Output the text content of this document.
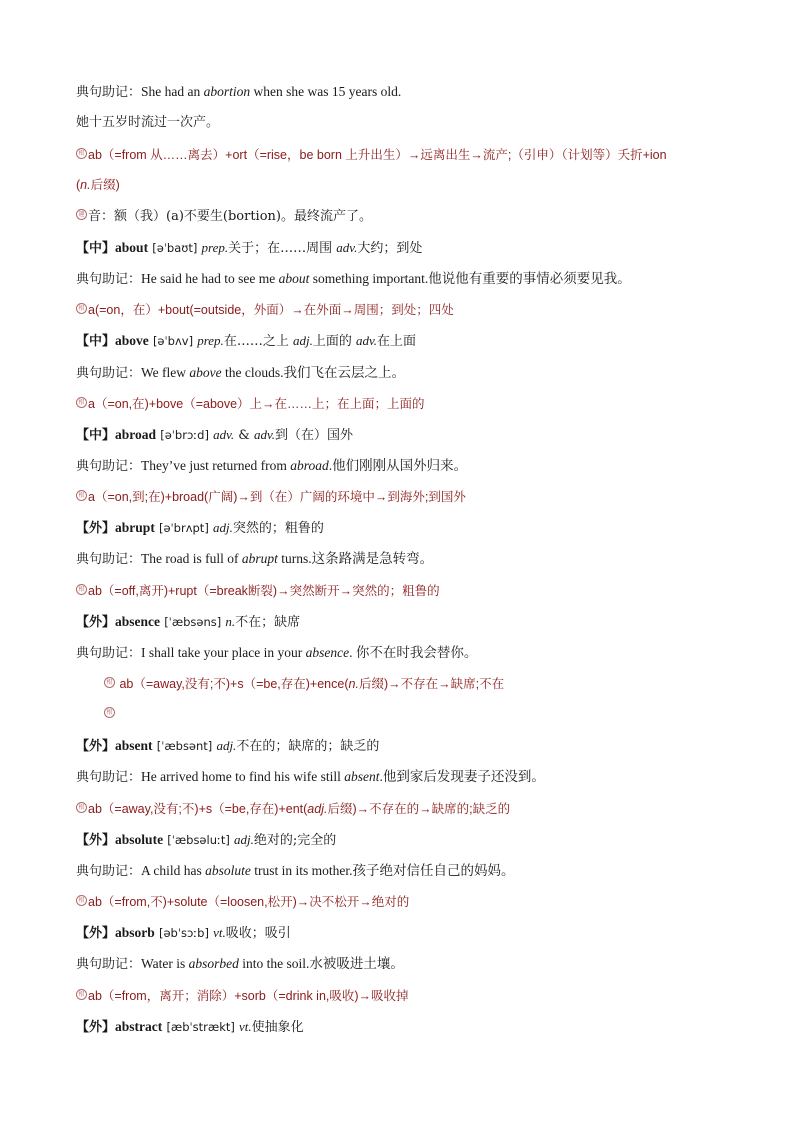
典句助记：She had an abortion when she was 15 years old.
她十五岁时流过一次产。
根 ab（=from 从……离去）+ort（=rise，be born 上升出生）→远离出生→流产;（引申）（计划等）夭折+ion
(n.后缀)
趣 音：额（我）(a)不要生(bortion)。最终流产了。
【中】about [əˈbaʊt] prep.关于；在……周围 adv.大约；到处
典句助记：He said he had to see me about something important.他说他有重要的事情必须要见我。
根 a(=on，在）+bout(=outside，外面）→在外面→周围；到处；四处
【中】above [əˈbʌv] prep.在……之上 adj.上面的 adv.在上面
典句助记：We flew above the clouds.我们飞在云层之上。
根 a（=on,在)+bove（=above）上→在……上；在上面；上面的
【中】abroad [əˈbrɔːd] adv. & adv.到（在）国外
典句助记：They’ve just returned from abroad.他们刚刚从国外归来。
根 a（=on,到;在)+broad(广阔)→到（在）广阔的环境中→到海外;到国外
【外】abrupt [əˈbrʌpt] adj.突然的；粗鲁的
典句助记：The road is full of abrupt turns.这条路满是急转弯。
根 ab（=off,离开)+rupt（=break断裂)→突然断开→突然的；粗鲁的
【外】absence [ˈæbsəns] n.不在；缺席
典句助记：I shall take your place in your absence. 你不在时我会替你。
根 ab（=away,没有;不)+s（=be,存在)+ence(n.后缀)→不存在→缺席;不在
根
【外】absent [ˈæbsənt] adj.不在的；缺席的；缺乏的
典句助记：He arrived home to find his wife still absent.他到家后发现妻子还没到。
根 ab（=away,没有;不)+s（=be,存在)+ent(adj.后缀)→不存在的→缺席的;缺乏的
【外】absolute [ˈæbsəluːt] adj.绝对的;完全的
典句助记：A child has absolute trust in its mother.孩子绝对信任自己的妈妈。
根 ab（=from,不)+solute（=loosen,松开)→决不松开→绝对的
【外】absorb [əbˈsɔːb] vt.吸收；吸引
典句助记：Water is absorbed into the soil.水被吸进土壤。
根 ab（=from，离开；消除）+sorb（=drink in,吸收)→吸收掉
【外】abstract [æbˈstrækt] vt.使抽象化
